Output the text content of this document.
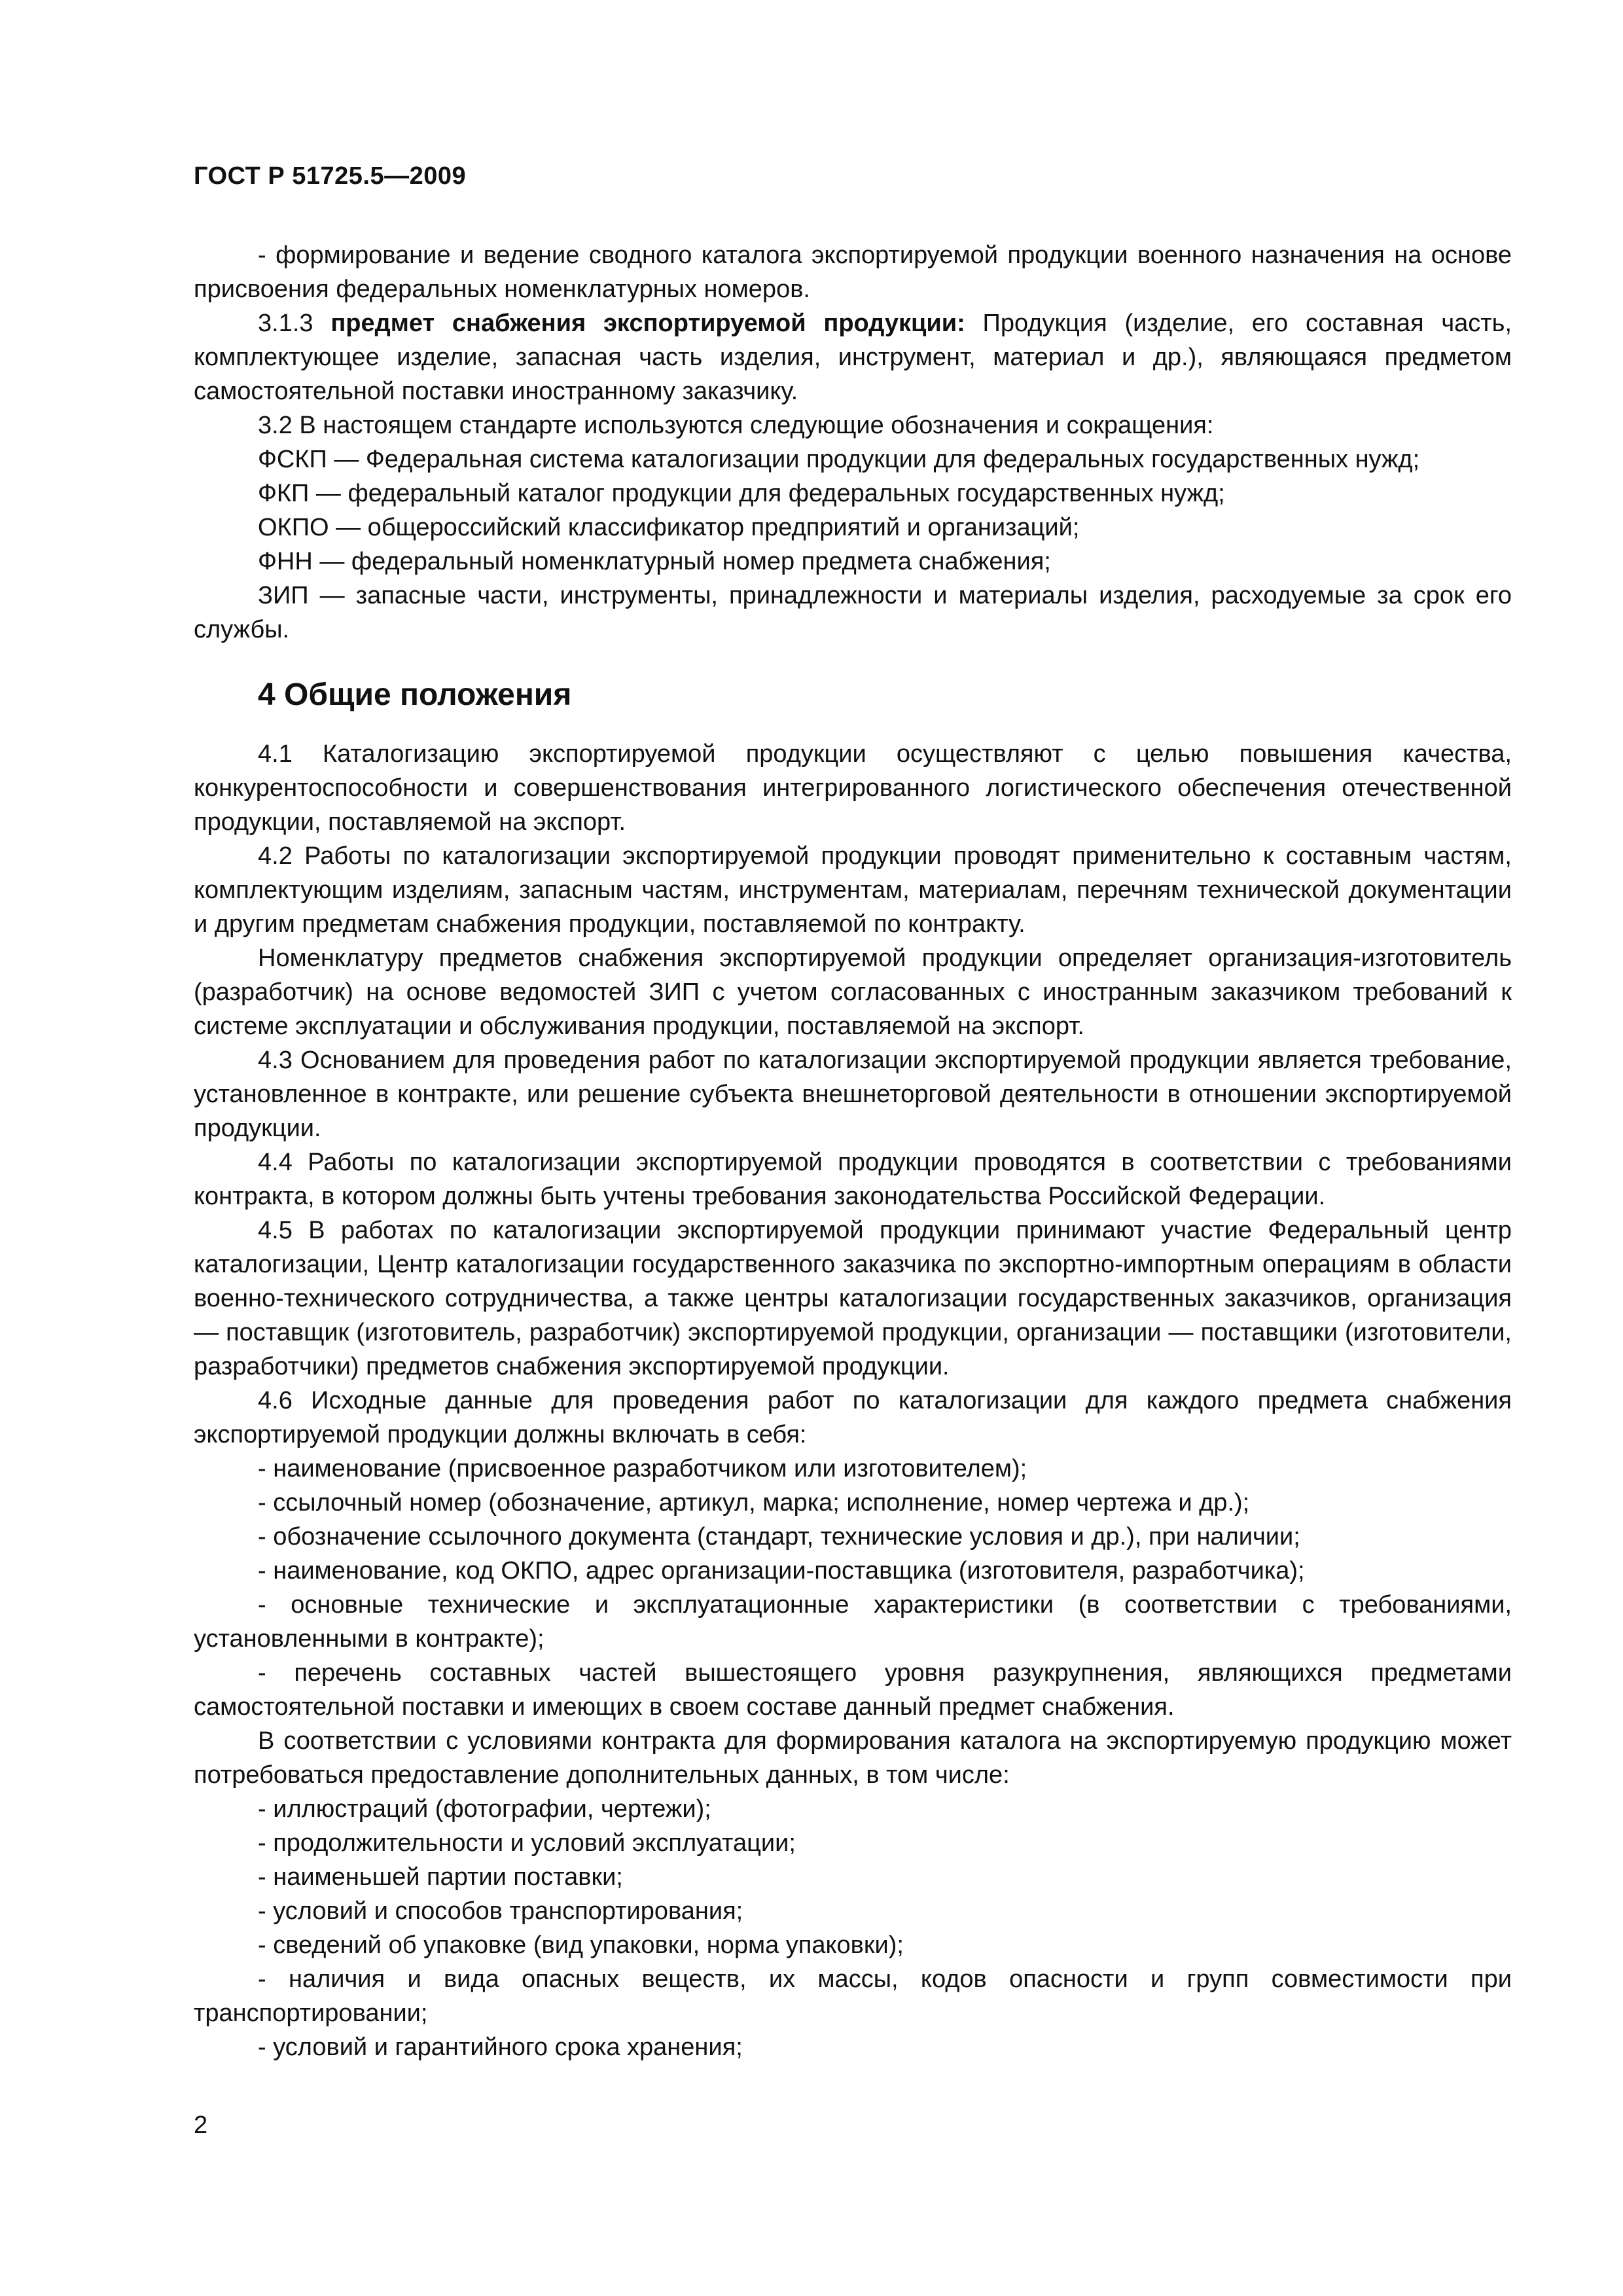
ГОСТ Р 51725.5—2009

- формирование и ведение сводного каталога экспортируемой продукции военного назначения на основе присвоения федеральных номенклатурных номеров.

3.1.3 предмет снабжения экспортируемой продукции: Продукция (изделие, его составная часть, комплектующее изделие, запасная часть изделия, инструмент, материал и др.), являющаяся предметом самостоятельной поставки иностранному заказчику.

3.2 В настоящем стандарте используются следующие обозначения и сокращения:

ФСКП — Федеральная система каталогизации продукции для федеральных государственных нужд;

ФКП — федеральный каталог продукции для федеральных государственных нужд;

ОКПО — общероссийский классификатор предприятий и организаций;

ФНН — федеральный номенклатурный номер предмета снабжения;

ЗИП — запасные части, инструменты, принадлежности и материалы изделия, расходуемые за срок его службы.

4 Общие положения

4.1 Каталогизацию экспортируемой продукции осуществляют с целью повышения качества, конкурентоспособности и совершенствования интегрированного логистического обеспечения отечественной продукции, поставляемой на экспорт.

4.2 Работы по каталогизации экспортируемой продукции проводят применительно к составным частям, комплектующим изделиям, запасным частям, инструментам, материалам, перечням технической документации и другим предметам снабжения продукции, поставляемой по контракту.

Номенклатуру предметов снабжения экспортируемой продукции определяет организация-изготовитель (разработчик) на основе ведомостей ЗИП с учетом согласованных с иностранным заказчиком требований к системе эксплуатации и обслуживания продукции, поставляемой на экспорт.

4.3 Основанием для проведения работ по каталогизации экспортируемой продукции является требование, установленное в контракте, или решение субъекта внешнеторговой деятельности в отношении экспортируемой продукции.

4.4 Работы по каталогизации экспортируемой продукции проводятся в соответствии с требованиями контракта, в котором должны быть учтены требования законодательства Российской Федерации.

4.5 В работах по каталогизации экспортируемой продукции принимают участие Федеральный центр каталогизации, Центр каталогизации государственного заказчика по экспортно-импортным операциям в области военно-технического сотрудничества, а также центры каталогизации государственных заказчиков, организация — поставщик (изготовитель, разработчик) экспортируемой продукции, организации — поставщики (изготовители, разработчики) предметов снабжения экспортируемой продукции.

4.6 Исходные данные для проведения работ по каталогизации для каждого предмета снабжения экспортируемой продукции должны включать в себя:

- наименование (присвоенное разработчиком или изготовителем);

- ссылочный номер (обозначение, артикул, марка; исполнение, номер чертежа и др.);

- обозначение ссылочного документа (стандарт, технические условия и др.), при наличии;

- наименование, код ОКПО, адрес организации-поставщика (изготовителя, разработчика);

- основные технические и эксплуатационные характеристики (в соответствии с требованиями, установленными в контракте);

- перечень составных частей вышестоящего уровня разукрупнения, являющихся предметами самостоятельной поставки и имеющих в своем составе данный предмет снабжения.

В соответствии с условиями контракта для формирования каталога на экспортируемую продукцию может потребоваться предоставление дополнительных данных, в том числе:

- иллюстраций (фотографии, чертежи);

- продолжительности и условий эксплуатации;

- наименьшей партии поставки;

- условий и способов транспортирования;

- сведений об упаковке (вид упаковки, норма упаковки);

- наличия и вида опасных веществ, их массы, кодов опасности и групп совместимости при транспортировании;

- условий и гарантийного срока хранения;

2
